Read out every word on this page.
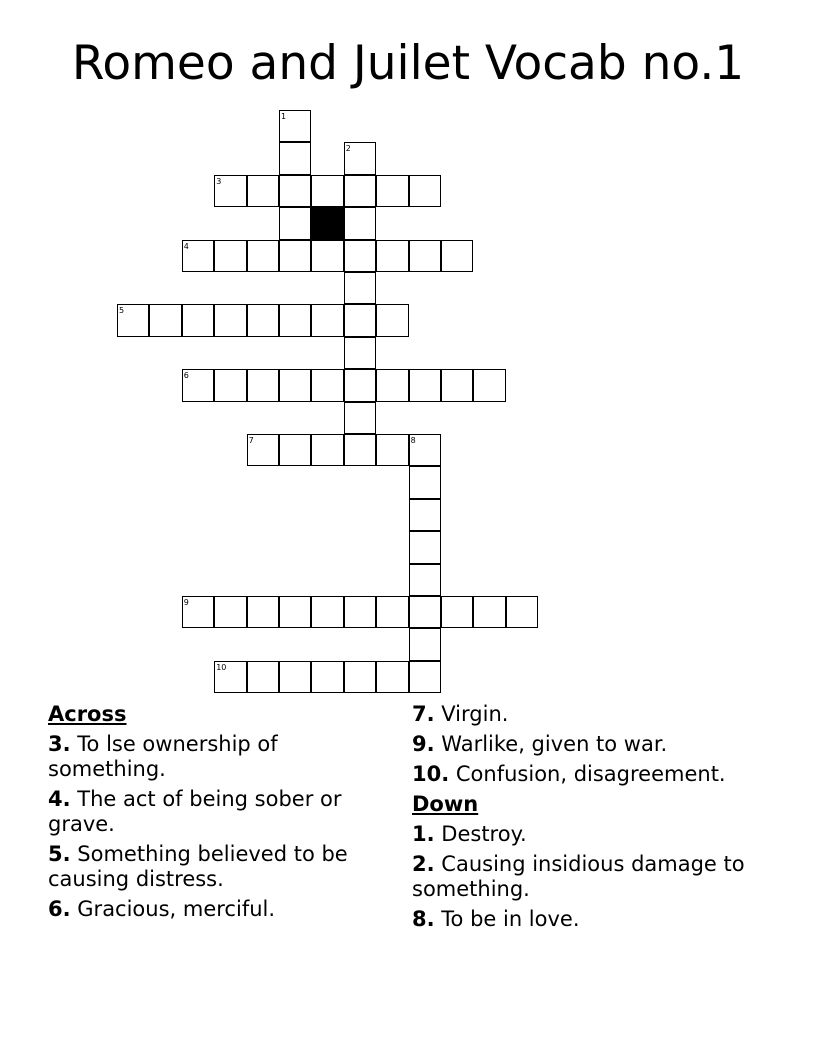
Romeo and Juilet Vocab no.1
1
2
3
4
5
6
7	8
9
10
Across
3. To lse ownership of something.
4. The act of being sober or grave.
5. Something believed to be causing distress.
6. Gracious, merciful.
7. Virgin.
9. Warlike, given to war.
10. Confusion, disagreement.
Down
1. Destroy.
2. Causing insidious damage to something.
8. To be in love.
